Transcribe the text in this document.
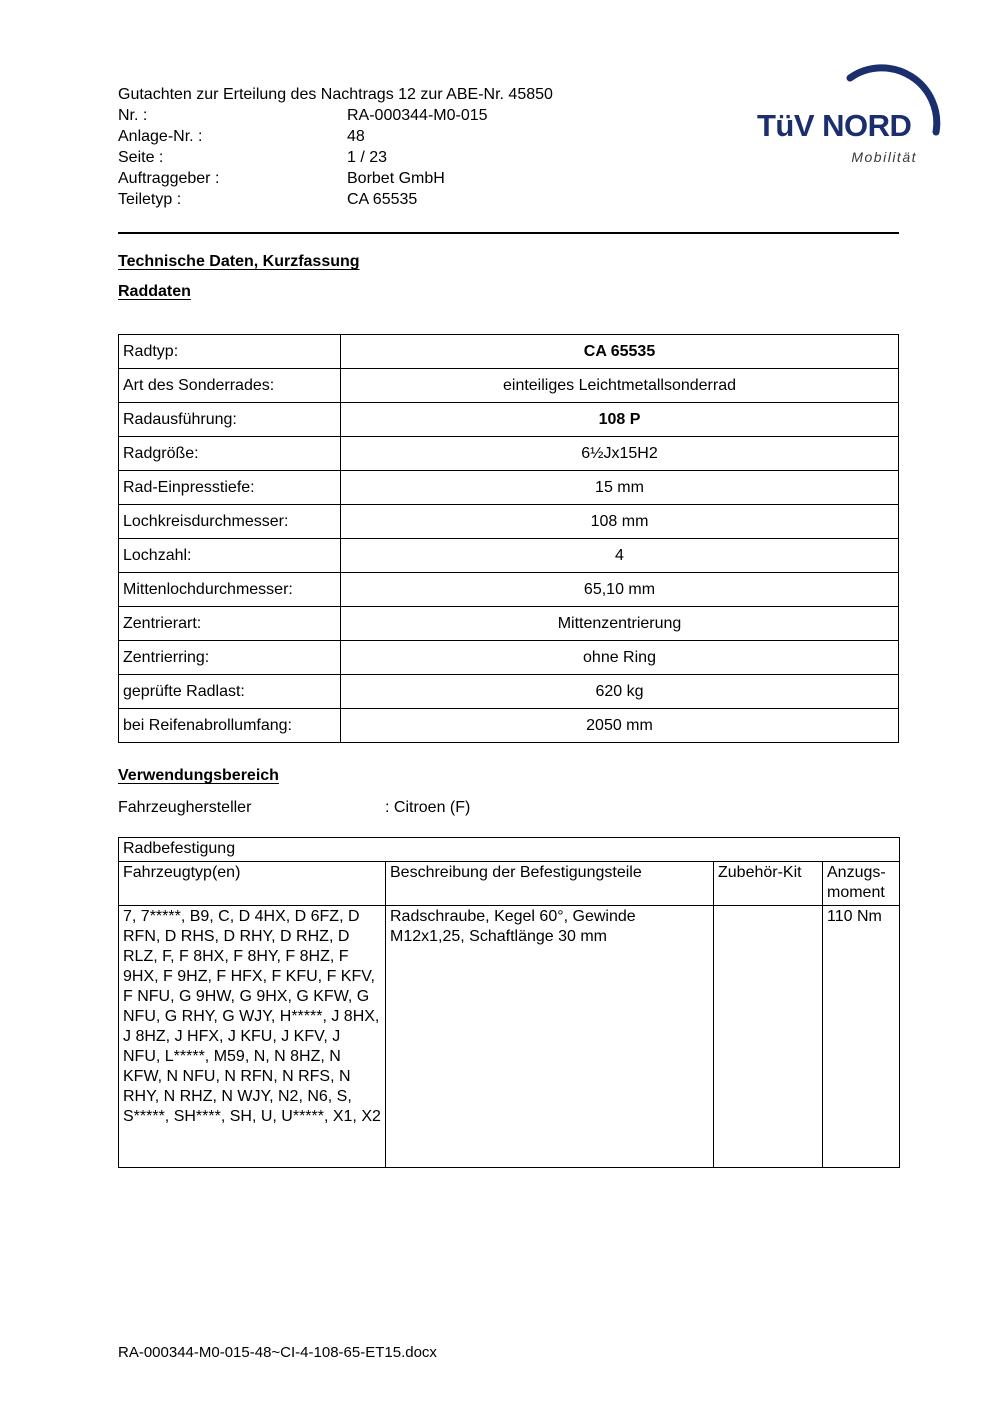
TüV NORD
Mobilität
Gutachten zur Erteilung des Nachtrags 12 zur ABE-Nr. 45850
Nr. :	RA-000344-M0-015
Anlage-Nr. :	48
Seite :	1 / 23
Auftraggeber :	Borbet GmbH
Teiletyp :	CA 65535
Technische Daten, Kurzfassung
Raddaten
Radtyp:	CA 65535
Art des Sonderrades:	einteiliges Leichtmetallsonderrad
Radausführung:	108 P
Radgröße:	6½Jx15H2
Rad-Einpresstiefe:	15 mm
Lochkreisdurchmesser:	108 mm
Lochzahl:	4
Mittenlochdurchmesser:	65,10 mm
Zentrierart:	Mittenzentrierung
Zentrierring:	ohne Ring
geprüfte Radlast:	620 kg
bei Reifenabrollumfang:	2050 mm
Verwendungsbereich
Fahrzeughersteller	: Citroen (F)
Radbefestigung			
Fahrzeugtyp(en)	Beschreibung der Befestigungsteile	Zubehör-Kit	Anzugs-moment
7, 7*****, B9, C, D 4HX, D 6FZ, D RFN, D RHS, D RHY, D RHZ, D RLZ, F, F 8HX, F 8HY, F 8HZ, F 9HX, F 9HZ, F HFX, F KFU, F KFV, F NFU, G 9HW, G 9HX, G KFW, G NFU, G RHY, G WJY, H*****, J 8HX, J 8HZ, J HFX, J KFU, J KFV, J NFU, L*****, M59, N, N 8HZ, N KFW, N NFU, N RFN, N RFS, N RHY, N RHZ, N WJY, N2, N6, S, S*****, SH****, SH, U, U*****, X1, X2	Radschraube, Kegel 60°, Gewinde M12x1,25, Schaftlänge 30 mm		110 Nm
RA-000344-M0-015-48~CI-4-108-65-ET15.docx
